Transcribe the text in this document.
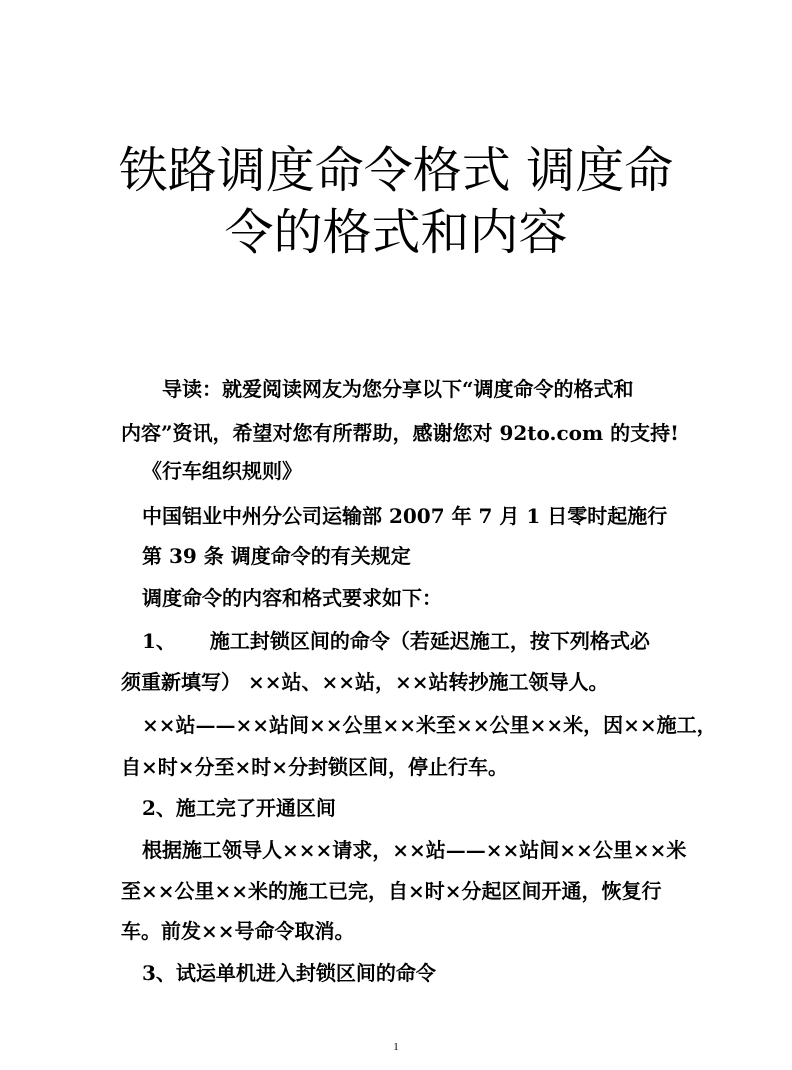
铁路调度命令格式 调度命
令的格式和内容

导读：就爱阅读网友为您分享以下“调度命令的格式和

内容”资讯，希望对您有所帮助，感谢您对 92to.com 的支持!

《行车组织规则》

中国铝业中州分公司运输部 2007 年 7 月 1 日零时起施行

第 39 条 调度命令的有关规定

调度命令的内容和格式要求如下：

1、 施工封锁区间的命令（若延迟施工，按下列格式必

须重新填写） ××站、××站，××站转抄施工领导人。

××站——××站间××公里××米至××公里××米，因××施工，

自×时×分至×时×分封锁区间，停止行车。

2、施工完了开通区间

根据施工领导人×××请求，××站——××站间××公里××米

至××公里××米的施工已完，自×时×分起区间开通，恢复行

车。前发××号命令取消。

3、试运单机进入封锁区间的命令

1
